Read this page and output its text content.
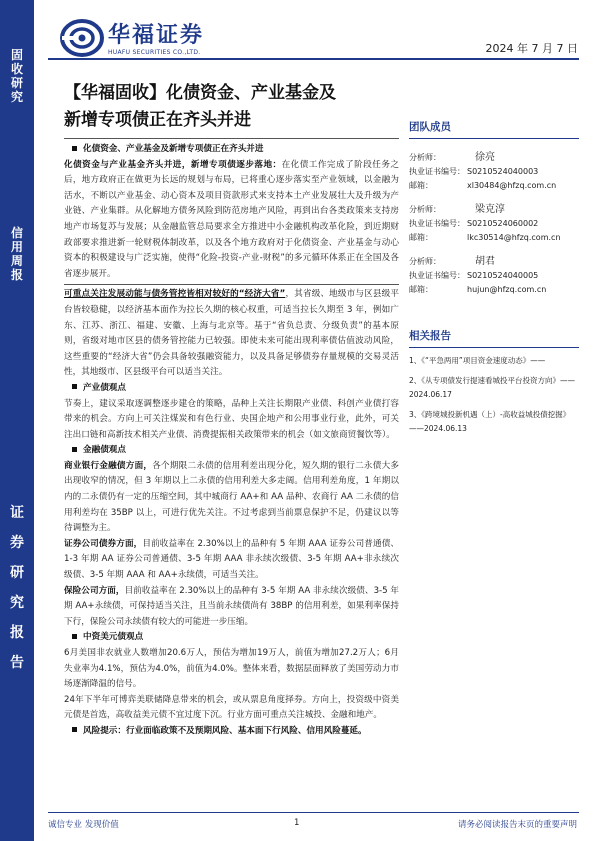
固
收
研
究
信
用
周
报
证
券
研
究
报
告
华福证券
HUAFU SECURITIES CO.,LTD.	2024 年 7 月 7 日
【华福固收】化债资金、产业基金及
新增专项债正在齐头并进

化债资金、产业基金及新增专项债正在齐头并进

化债资金与产业基金齐头并进，新增专项债逐步落地：在化债工作完成了阶段任务之后，地方政府正在做更为长远的规划与布局，已将重心逐步落实至产业领域，以金融为活水，不断以产业基金、动心资本及项目资款形式来支持本土产业发展壮大及升级为产业链、产业集群。从化解地方债务风险到防范房地产风险，再到出台各类政策来支持房地产市场复苏与发展；从金融监管总局要求全方推进中小金融机构改革化险，到近期财政部要求推进新一轮财税体制改革，以及各个地方政府对于化债资金、产业基金与动心资本的积极建设与广泛实施，使得“化险-投资-产业-财税”的多元循环体系正在全国及各省逐步展开。

可重点关注发展动能与债务管控皆相对较好的“经济大省”，其省级、地级市与区县级平台皆较稳健，以经济基本面作为拉长久期的核心权重，可适当拉长久期至 3 年，例如广东、江苏、浙江、福建、安徽、上海与北京等。基于“省负总责、分级负责”的基本原则，省级对地市区县的债务管控能力已较强。即使未来可能出现利率债估值波动风险，这些重要的“经济大省”仍会具备较强融资能力，以及具备足够债券存量规模的交易灵活性，其地级市、区县级平台可以适当关注。

产业债观点

节奏上，建议采取逐调整逐步建仓的策略，品种上关注长期限产业债、科创产业债打容带来的机会。方向上可关注煤炭和有色行业、央国企地产和公用事业行业，此外，可关注出口链和高新技术相关产业债、消费提振相关政策带来的机会（如文旅商贸餐饮等）。

金融债观点

商业银行金融债方面，各个期限二永债的信用利差出现分化，短久期的银行二永债大多出现收窄的情况，但 3 年期以上二永债的信用利差大多走阔。信用利差角度，1 年期以内的二永债仍有一定的压缩空间，其中城商行 AA+和 AA 品种、农商行 AA 二永债的信用利差均在 35BP 以上，可进行优先关注。不过考虑到当前票息保护不足，仍建议以等待调整为主。

证券公司债券方面，目前收益率在 2.30%以上的品种有 5 年期 AAA 证券公司普通债、1-3 年期 AA 证券公司普通债、3-5 年期 AAA 非永续次级债、3-5 年期 AA+非永续次级债、3-5 年期 AAA 和 AA+永续债，可适当关注。

保险公司方面，目前收益率在 2.30%以上的品种有 3-5 年期 AA 非永续次级债、3-5 年期 AA+永续债，可保持适当关注，且当前永续债尚有 38BP 的信用利差，如果利率保持下行，保险公司永续债有较大的可能进一步压缩。

中资美元债观点

6月美国非农就业人数增加20.6万人，预估为增加19万人，前值为增加27.2万人；6月失业率为4.1%，预估为4.0%，前值为4.0%。整体来看，数据层面释放了美国劳动力市场逐渐降温的信号。

24年下半年可博弈美联储降息带来的机会，或从票息角度择券。方向上，投资级中资美元债是首选，高收益美元债不宜过度下沉。行业方面可重点关注城投、金融和地产。

风险提示：行业面临政策不及预期风险、基本面下行风险、信用风险蔓延。

团队成员
分析师：	徐亮
执业证书编号： S0210524040003
邮箱：	xl30484@hfzq.com.cn
分析师：	梁克淳
执业证书编号： S0210524060002
邮箱：	lkc30514@hfzq.com.cn
分析师：	胡君
执业证书编号： S0210524040005
邮箱：	hujun@hfzq.com.cn
相关报告

1、《“平急两用”项目资金速度动态》——

2、《从专项债发行提速看城投平台投资方向》——2024.06.17

3、《跨境城投新机遇（上）-高收益城投债挖掘》——2024.06.13

诚信专业 发现价值	1	请务必阅读报告末页的重要声明
